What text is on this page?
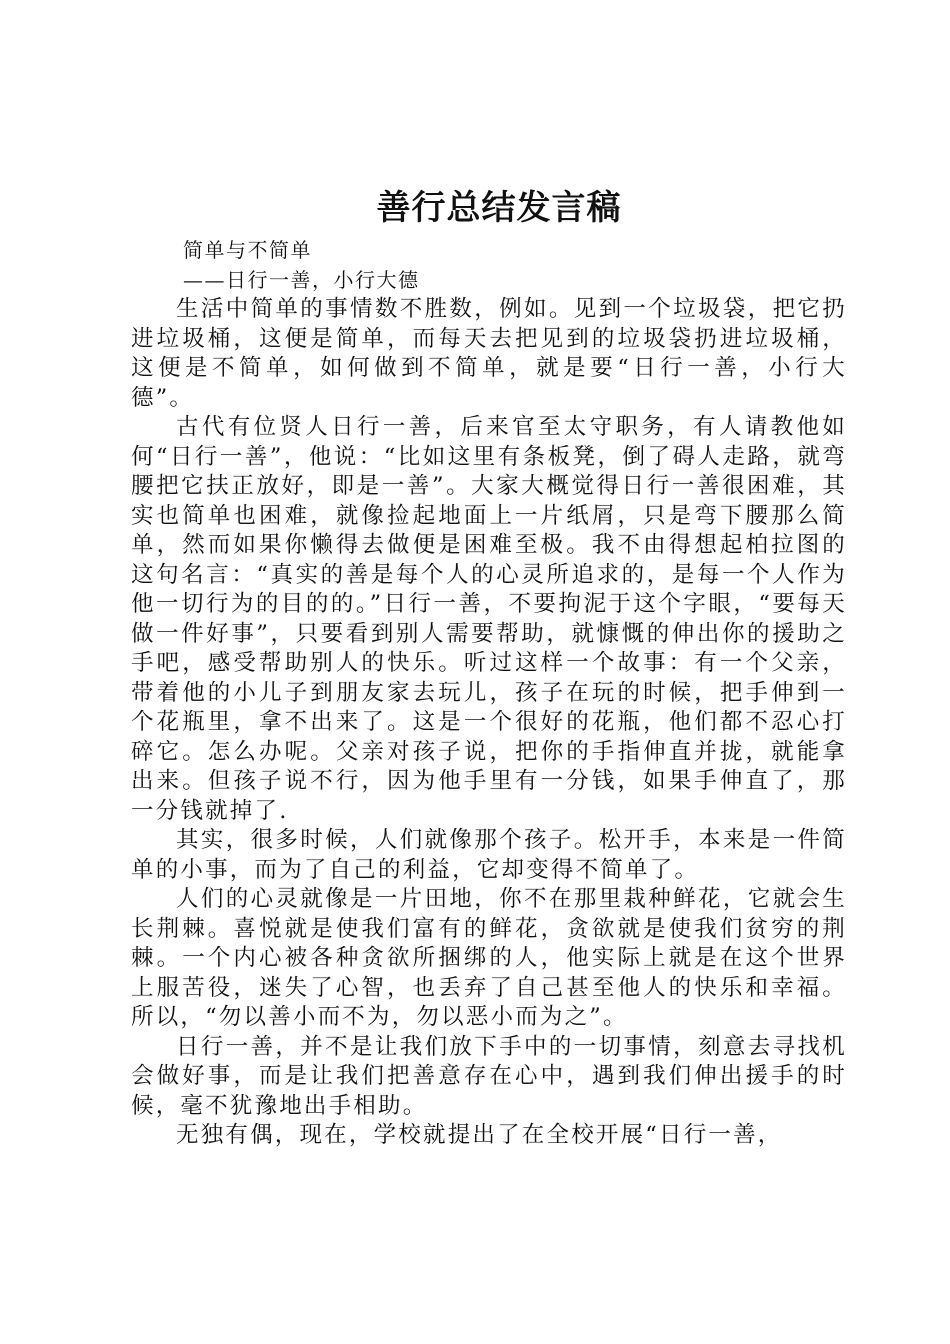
善行总结发言稿
简单与不简单
——日行一善，小行大德

生活中简单的事情数不胜数，例如。见到一个垃圾袋，把它扔进垃圾桶，这便是简单，而每天去把见到的垃圾袋扔进垃圾桶，这便是不简单，如何做到不简单，就是要“日行一善，小行大德”。

古代有位贤人日行一善，后来官至太守职务，有人请教他如何“日行一善”，他说：“比如这里有条板凳，倒了碍人走路，就弯腰把它扶正放好，即是一善”。大家大概觉得日行一善很困难，其实也简单也困难，就像捡起地面上一片纸屑，只是弯下腰那么简单，然而如果你懒得去做便是困难至极。我不由得想起柏拉图的这句名言：“真实的善是每个人的心灵所追求的，是每一个人作为他一切行为的目的的。”日行一善，不要拘泥于这个字眼，“要每天做一件好事”，只要看到别人需要帮助，就慷慨的伸出你的援助之手吧，感受帮助别人的快乐。听过这样一个故事：有一个父亲，带着他的小儿子到朋友家去玩儿，孩子在玩的时候，把手伸到一个花瓶里，拿不出来了。这是一个很好的花瓶，他们都不忍心打碎它。怎么办呢。父亲对孩子说，把你的手指伸直并拢，就能拿出来。但孩子说不行，因为他手里有一分钱，如果手伸直了，那一分钱就掉了.

其实，很多时候，人们就像那个孩子。松开手，本来是一件简单的小事，而为了自己的利益，它却变得不简单了。

人们的心灵就像是一片田地，你不在那里栽种鲜花，它就会生长荆棘。喜悦就是使我们富有的鲜花，贪欲就是使我们贫穷的荆棘。一个内心被各种贪欲所捆绑的人，他实际上就是在这个世界上服苦役，迷失了心智，也丢弃了自己甚至他人的快乐和幸福。所以，“勿以善小而不为，勿以恶小而为之”。

日行一善，并不是让我们放下手中的一切事情，刻意去寻找机会做好事，而是让我们把善意存在心中，遇到我们伸出援手的时候，毫不犹豫地出手相助。

无独有偶，现在，学校就提出了在全校开展“日行一善，
